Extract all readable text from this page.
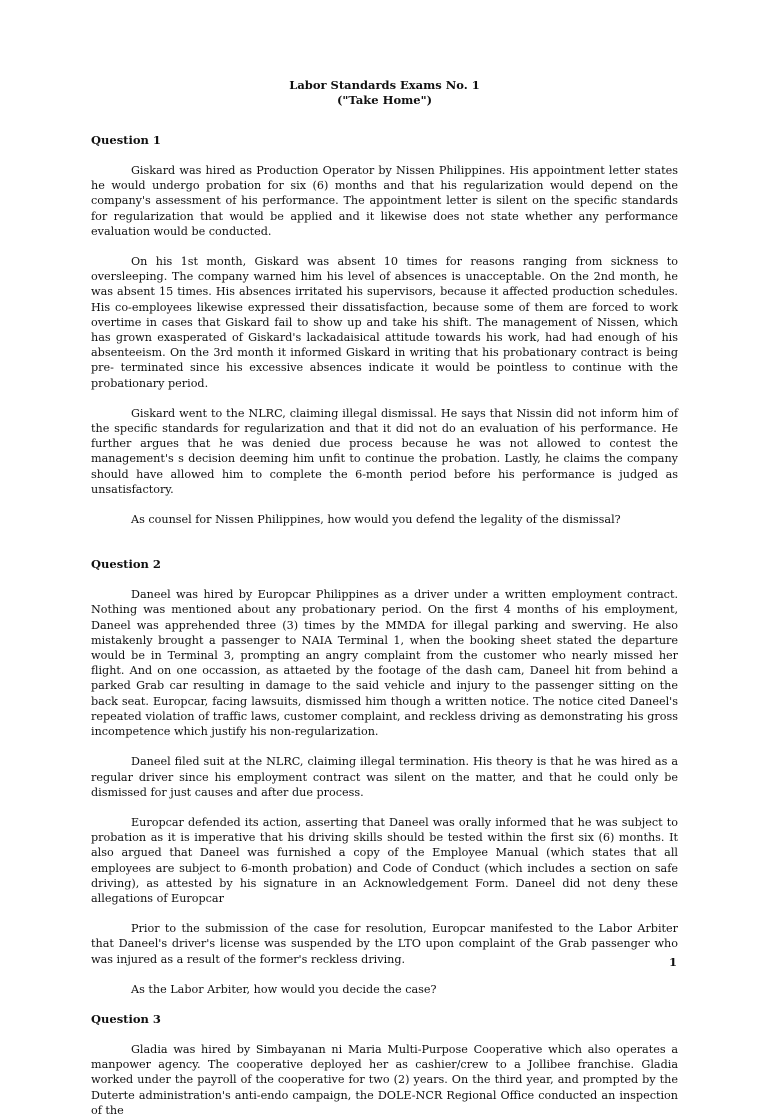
Labor Standards Exams No. 1

("Take Home")

Question 1

Giskard was hired as Production Operator by Nissen Philippines. His appointment letter states he would undergo probation for six (6) months and that his regularization would depend on the company's assessment of his performance. The appointment letter is silent on the specific standards for regularization that would be applied and it likewise does not state whether any performance evaluation would be conducted.

On his 1st month, Giskard was absent 10 times for reasons ranging from sickness to oversleeping. The company warned him his level of absences is unacceptable. On the 2nd month, he was absent 15 times. His absences irritated his supervisors, because it affected production schedules. His co-employees likewise expressed their dissatisfaction, because some of them are forced to work overtime in cases that Giskard fail to show up and take his shift. The management of Nissen, which has grown exasperated of Giskard's lackadaisical attitude towards his work, had had enough of his absenteeism. On the 3rd month it informed Giskard in writing that his probationary contract is being pre- terminated since his excessive absences indicate it would be pointless to continue with the probationary period.

Giskard went to the NLRC, claiming illegal dismissal. He says that Nissin did not inform him of the specific standards for regularization and that it did not do an evaluation of his performance. He further argues that he was denied due process because he was not allowed to contest the management's s decision deeming him unfit to continue the probation. Lastly, he claims the company should have allowed him to complete the 6-month period before his performance is judged as unsatisfactory.

As counsel for Nissen Philippines, how would you defend the legality of the dismissal?

Question 2

Daneel was hired by Europcar Philippines as a driver under a written employment contract. Nothing was mentioned about any probationary period. On the first 4 months of his employment, Daneel was apprehended three (3) times by the MMDA for illegal parking and swerving. He also mistakenly brought a passenger to NAIA Terminal 1, when the booking sheet stated the departure would be in Terminal 3, prompting an angry complaint from the customer who nearly missed her flight. And on one occassion, as attaeted by the footage of the dash cam, Daneel hit from behind a parked Grab car resulting in damage to the said vehicle and injury to the passenger sitting on the back seat. Europcar, facing lawsuits, dismissed him though a written notice. The notice cited Daneel's repeated violation of traffic laws, customer complaint, and reckless driving as demonstrating his gross incompetence which justify his non-regularization.

Daneel filed suit at the NLRC, claiming illegal termination. His theory is that he was hired as a regular driver since his employment contract was silent on the matter, and that he could only be dismissed for just causes and after due process.

Europcar defended its action, asserting that Daneel was orally informed that he was subject to probation as it is imperative that his driving skills should be tested within the first six (6) months. It also argued that Daneel was furnished a copy of the Employee Manual (which states that all employees are subject to 6-month probation) and Code of Conduct (which includes a section on safe driving), as attested by his signature in an Acknowledgement Form. Daneel did not deny these allegations of Europcar

Prior to the submission of the case for resolution, Europcar manifested to the Labor Arbiter that Daneel's driver's license was suspended by the LTO upon complaint of the Grab passenger who was injured as a result of the former's reckless driving.

As the Labor Arbiter, how would you decide the case?

Question 3

Gladia was hired by Simbayanan ni Maria Multi-Purpose Cooperative which also operates a manpower agency. The cooperative deployed her as cashier/crew to a Jollibee franchise. Gladia worked under the payroll of the cooperative for two (2) years. On the third year, and prompted by the Duterte administration's anti-endo campaign, the DOLE-NCR Regional Office conducted an inspection of the

1
